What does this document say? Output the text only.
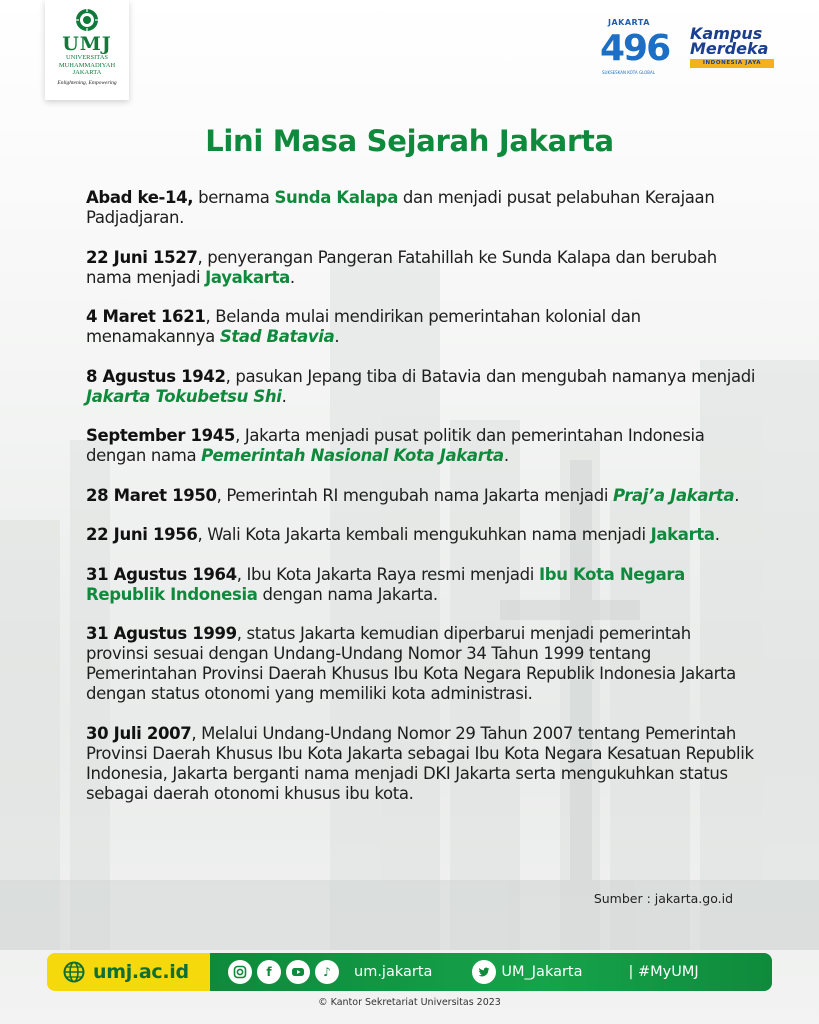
UMJ
UNIVERSITAS
MUHAMMADIYAH
JAKARTA
Enlightening, Empowering
JAKARTA
496
SUKSESKAN KOTA GLOBAL
Kampus
Merdeka
INDONESIA JAYA
Lini Masa Sejarah Jakarta

Abad ke-14, bernama Sunda Kalapa dan menjadi pusat pelabuhan Kerajaan Padjadjaran.

22 Juni 1527, penyerangan Pangeran Fatahillah ke Sunda Kalapa dan berubah nama menjadi Jayakarta.

4 Maret 1621, Belanda mulai mendirikan pemerintahan kolonial dan menamakannya Stad Batavia.

8 Agustus 1942, pasukan Jepang tiba di Batavia dan mengubah namanya menjadi Jakarta Tokubetsu Shi.

September 1945, Jakarta menjadi pusat politik dan pemerintahan Indonesia dengan nama Pemerintah Nasional Kota Jakarta.

28 Maret 1950, Pemerintah RI mengubah nama Jakarta menjadi Praj’a Jakarta.

22 Juni 1956, Wali Kota Jakarta kembali mengukuhkan nama menjadi Jakarta.

31 Agustus 1964, Ibu Kota Jakarta Raya resmi menjadi Ibu Kota Negara Republik Indonesia dengan nama Jakarta.

31 Agustus 1999, status Jakarta kemudian diperbarui menjadi pemerintah provinsi sesuai dengan Undang-Undang Nomor 34 Tahun 1999 tentang Pemerintahan Provinsi Daerah Khusus Ibu Kota Negara Republik Indonesia Jakarta dengan status otonomi yang memiliki kota administrasi.

30 Juli 2007, Melalui Undang-Undang Nomor 29 Tahun 2007 tentang Pemerintah Provinsi Daerah Khusus Ibu Kota Jakarta sebagai Ibu Kota Negara Kesatuan Republik Indonesia, Jakarta berganti nama menjadi DKI Jakarta serta mengukuhkan status sebagai daerah otonomi khusus ibu kota.

Sumber : jakarta.go.id
umj.ac.id	f	♪	um.jakarta	UM_Jakarta	| #MyUMJ
© Kantor Sekretariat Universitas 2023
